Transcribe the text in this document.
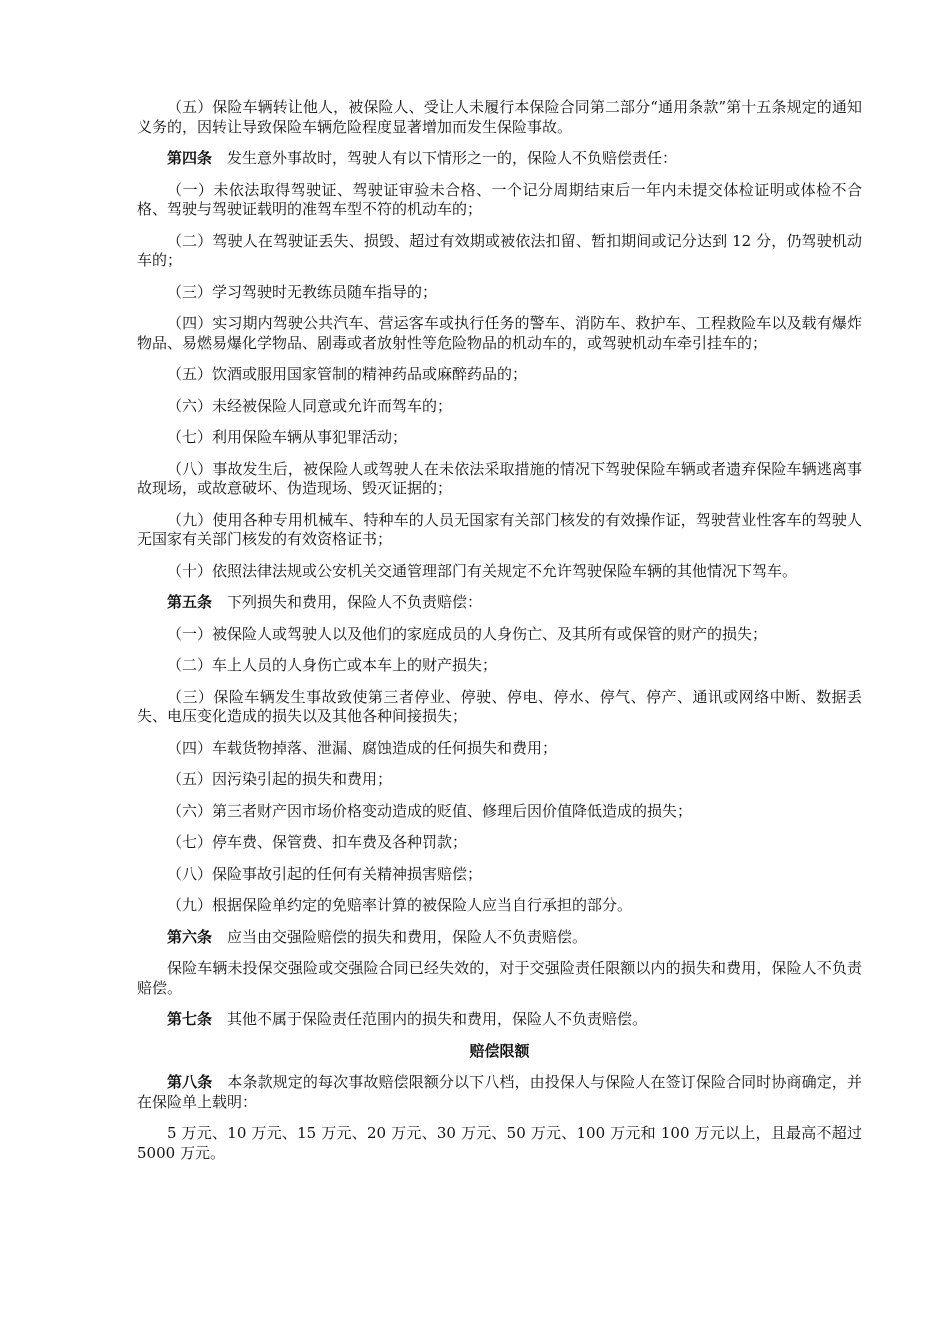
（五）保险车辆转让他人，被保险人、受让人未履行本保险合同第二部分“通用条款”第十五条规定的通知义务的，因转让导致保险车辆危险程度显著增加而发生保险事故。
第四条 发生意外事故时，驾驶人有以下情形之一的，保险人不负赔偿责任：
（一）未依法取得驾驶证、驾驶证审验未合格、一个记分周期结束后一年内未提交体检证明或体检不合格、驾驶与驾驶证载明的准驾车型不符的机动车的；
（二）驾驶人在驾驶证丢失、损毁、超过有效期或被依法扣留、暂扣期间或记分达到 12 分，仍驾驶机动车的；
（三）学习驾驶时无教练员随车指导的；
（四）实习期内驾驶公共汽车、营运客车或执行任务的警车、消防车、救护车、工程救险车以及载有爆炸物品、易燃易爆化学物品、剧毒或者放射性等危险物品的机动车的，或驾驶机动车牵引挂车的；
（五）饮酒或服用国家管制的精神药品或麻醉药品的；
（六）未经被保险人同意或允许而驾车的；
（七）利用保险车辆从事犯罪活动；
（八）事故发生后，被保险人或驾驶人在未依法采取措施的情况下驾驶保险车辆或者遗弃保险车辆逃离事故现场，或故意破坏、伪造现场、毁灭证据的；
（九）使用各种专用机械车、特种车的人员无国家有关部门核发的有效操作证，驾驶营业性客车的驾驶人无国家有关部门核发的有效资格证书；
（十）依照法律法规或公安机关交通管理部门有关规定不允许驾驶保险车辆的其他情况下驾车。
第五条 下列损失和费用，保险人不负责赔偿：
（一）被保险人或驾驶人以及他们的家庭成员的人身伤亡、及其所有或保管的财产的损失；
（二）车上人员的人身伤亡或本车上的财产损失；
（三）保险车辆发生事故致使第三者停业、停驶、停电、停水、停气、停产、通讯或网络中断、数据丢失、电压变化造成的损失以及其他各种间接损失；
（四）车载货物掉落、泄漏、腐蚀造成的任何损失和费用；
（五）因污染引起的损失和费用；
（六）第三者财产因市场价格变动造成的贬值、修理后因价值降低造成的损失；
（七）停车费、保管费、扣车费及各种罚款；
（八）保险事故引起的任何有关精神损害赔偿；
（九）根据保险单约定的免赔率计算的被保险人应当自行承担的部分。
第六条 应当由交强险赔偿的损失和费用，保险人不负责赔偿。
保险车辆未投保交强险或交强险合同已经失效的，对于交强险责任限额以内的损失和费用，保险人不负责赔偿。
第七条 其他不属于保险责任范围内的损失和费用，保险人不负责赔偿。
赔偿限额
第八条 本条款规定的每次事故赔偿限额分以下八档，由投保人与保险人在签订保险合同时协商确定，并在保险单上载明：
5 万元、10 万元、15 万元、20 万元、30 万元、50 万元、100 万元和 100 万元以上，且最高不超过 5000 万元。
